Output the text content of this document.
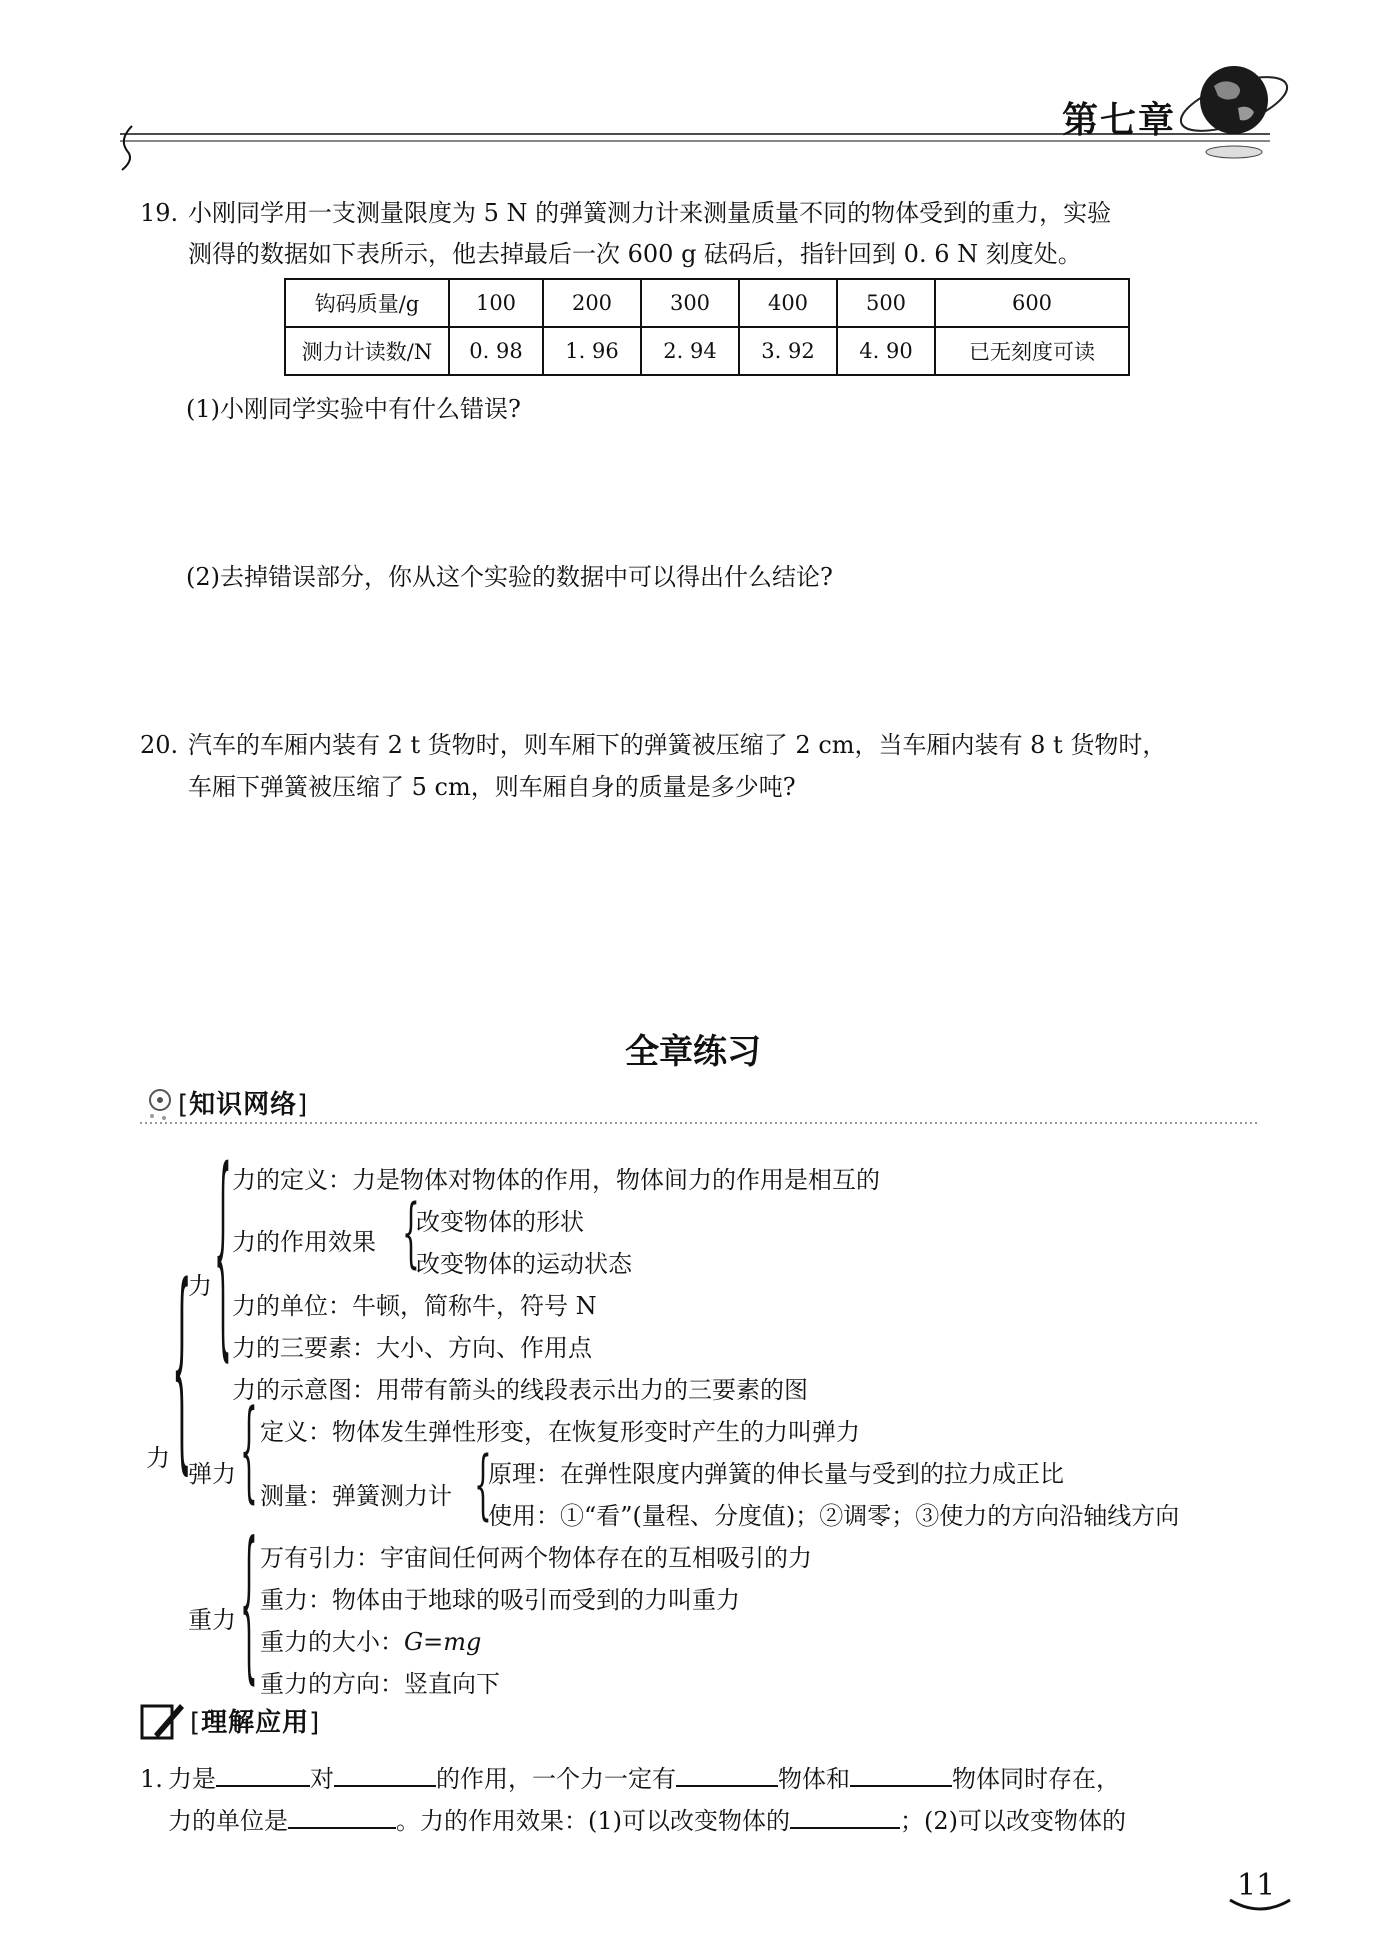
第七章
19. 小刚同学用一支测量限度为 5 N 的弹簧测力计来测量质量不同的物体受到的重力，实验
测得的数据如下表所示，他去掉最后一次 600 g 砝码后，指针回到 0. 6 N 刻度处。
钩码质量/g	100	200	300	400	500	600
测力计读数/N	0. 98	1. 96	2. 94	3. 92	4. 90	已无刻度可读
(1)小刚同学实验中有什么错误?
(2)去掉错误部分，你从这个实验的数据中可以得出什么结论?
20. 汽车的车厢内装有 2 t 货物时，则车厢下的弹簧被压缩了 2 cm，当车厢内装有 8 t 货物时，
车厢下弹簧被压缩了 5 cm，则车厢自身的质量是多少吨?
全章练习
[知识网络]
力 {
力 { 力的定义：力是物体对物体的作用，物体间力的作用是相互的
力的作用效果 {
改变物体的形状
改变物体的运动状态
力的单位：牛顿，简称牛，符号 N
力的三要素：大小、方向、作用点
力的示意图：用带有箭头的线段表示出力的三要素的图
弹力 { 定义：物体发生弹性形变，在恢复形变时产生的力叫弹力
测量：弹簧测力计 {
原理：在弹性限度内弹簧的伸长量与受到的拉力成正比
使用：①“看”(量程、分度值)；②调零；③使力的方向沿轴线方向
重力 { 万有引力：宇宙间任何两个物体存在的互相吸引的力
重力：物体由于地球的吸引而受到的力叫重力
重力的大小：G=mg
重力的方向：竖直向下
[理解应用]
1. 力是	对	的作用，一个力一定有	物体和	物体同时存在，
力的单位是	。力的作用效果：(1)可以改变物体的	；(2)可以改变物体的
11
